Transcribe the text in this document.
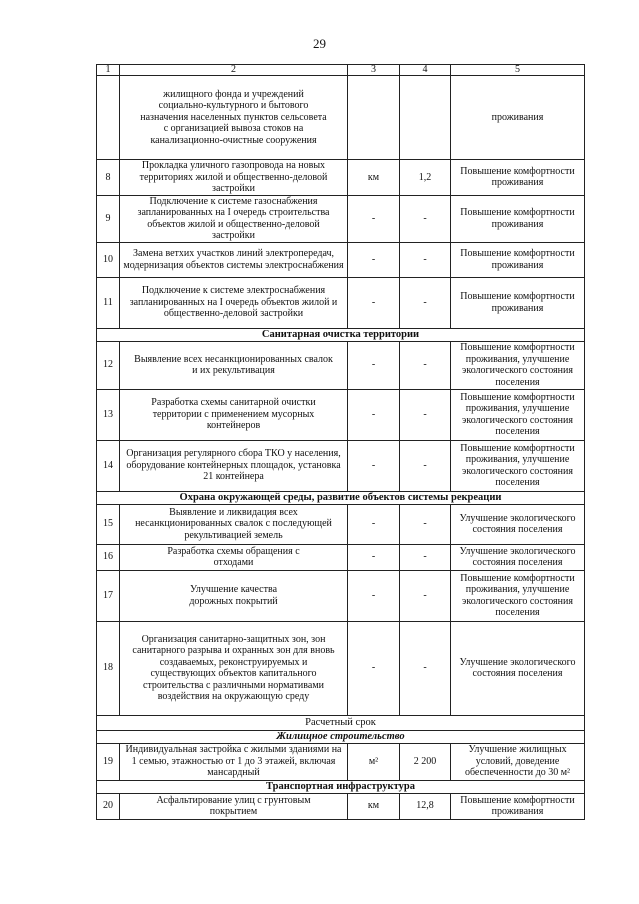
29
1	2	3	4	5
	жилищного фонда и учреждений социально-культурного и бытового назначения населенных пунктов сельсовета с организацией вывоза стоков на канализационно-очистные сооружения			проживания
8	Прокладка уличного газопровода на новых территориях жилой и общественно-деловой застройки	км	1,2	Повышение комфортности проживания
9	Подключение к системе газоснабжения запланированных на I очередь строительства объектов жилой и общественно-деловой застройки	-	-	Повышение комфортности проживания
10	Замена ветхих участков линий электропередач, модернизация объектов системы электроснабжения	-	-	Повышение комфортности проживания
11	Подключение к системе электроснабжения запланированных на I очередь объектов жилой и общественно-деловой застройки	-	-	Повышение комфортности проживания
Санитарная очистка территории				
12	Выявление всех несанкционированных свалок и их рекультивация	-	-	Повышение комфортности проживания, улучшение экологического состояния поселения
13	Разработка схемы санитарной очистки территории с применением мусорных контейнеров	-	-	Повышение комфортности проживания, улучшение экологического состояния поселения
14	Организация регулярного сбора ТКО у населения, оборудование контейнерных площадок, установка 21 контейнера	-	-	Повышение комфортности проживания, улучшение экологического состояния поселения
Охрана окружающей среды, развитие объектов системы рекреации				
15	Выявление и ликвидация всех несанкционированных свалок с последующей рекультивацией земель	-	-	Улучшение экологического состояния поселения
16	Разработка схемы обращения с отходами	-	-	Улучшение экологического состояния поселения
17	Улучшение качества дорожных покрытий	-	-	Повышение комфортности проживания, улучшение экологического состояния поселения
18	Организация санитарно-защитных зон, зон санитарного разрыва и охранных зон для вновь создаваемых, реконструируемых и существующих объектов капитального строительства с различными нормативами воздействия на окружающую среду	-	-	Улучшение экологического состояния поселения
Расчетный срок				
Жилищное строительство				
19	Индивидуальная застройка с жилыми зданиями на 1 семью, этажностью от 1 до 3 этажей, включая мансардный	м²	2 200	Улучшение жилищных условий, доведение обеспеченности до 30 м²
Транспортная инфраструктура				
20	Асфальтирование улиц с грунтовым покрытием	км	12,8	Повышение комфортности проживания
